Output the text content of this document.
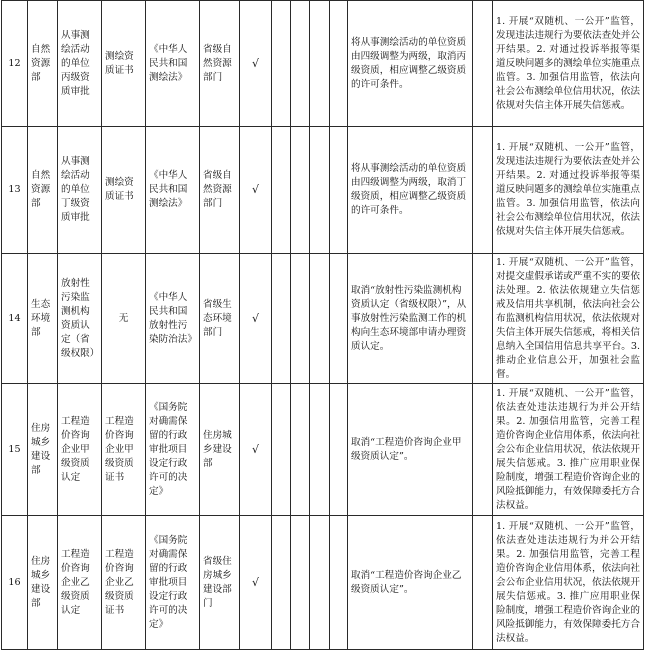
12	自然资源部	从事测绘活动的单位丙级资质审批	测绘资质证书	《中华人民共和国测绘法》	省级自然资源部门	√					将从事测绘活动的单位资质由四级调整为两级，取消丙级资质，相应调整乙级资质的许可条件。		1. 开展“双随机、一公开”监管，发现违法违规行为要依法查处并公开结果。2. 对通过投诉举报等渠道反映问题多的测绘单位实施重点监管。3. 加强信用监管，依法向社会公布测绘单位信用状况，依法依规对失信主体开展失信惩戒。
13	自然资源部	从事测绘活动的单位丁级资质审批	测绘资质证书	《中华人民共和国测绘法》	省级自然资源部门	√					将从事测绘活动的单位资质由四级调整为两级，取消丁级资质，相应调整乙级资质的许可条件。		1. 开展“双随机、一公开”监管，发现违法违规行为要依法查处并公开结果。2. 对通过投诉举报等渠道反映问题多的测绘单位实施重点监管。3. 加强信用监管，依法向社会公布测绘单位信用状况，依法依规对失信主体开展失信惩戒。
14	生态环境部	放射性污染监测机构资质认定（省级权限）	无	《中华人民共和国放射性污染防治法》	省级生态环境部门	√					取消“放射性污染监测机构资质认定（省级权限）”，从事放射性污染监测工作的机构向生态环境部申请办理资质认定。		1. 开展“双随机、一公开”监管，对提交虚假承诺或严重不实的要依法处理。2. 依法依规建立失信惩戒及信用共享机制，依法向社会公布监测机构信用状况，依法依规对失信主体开展失信惩戒，将相关信息纳入全国信用信息共享平台。3. 推动企业信息公开，加强社会监督。
15	住房城乡建设部	工程造价咨询企业甲级资质认定	工程造价咨询企业甲级资质证书	《国务院对确需保留的行政审批项目设定行政许可的决定》	住房城乡建设部	√					取消“工程造价咨询企业甲级资质认定”。		1. 开展“双随机、一公开”监管，依法查处违法违规行为并公开结果。2. 加强信用监管，完善工程造价咨询企业信用体系，依法向社会公布企业信用状况，依法依规开展失信惩戒。3. 推广应用职业保险制度，增强工程造价咨询企业的风险抵御能力，有效保障委托方合法权益。
16	住房城乡建设部	工程造价咨询企业乙级资质认定	工程造价咨询企业乙级资质证书	《国务院对确需保留的行政审批项目设定行政许可的决定》	省级住房城乡建设部门	√					取消“工程造价咨询企业乙级资质认定”。		1. 开展“双随机、一公开”监管，依法查处违法违规行为并公开结果。2. 加强信用监管，完善工程造价咨询企业信用体系，依法向社会公布企业信用状况，依法依规开展失信惩戒。3. 推广应用职业保险制度，增强工程造价咨询企业的风险抵御能力，有效保障委托方合法权益。
